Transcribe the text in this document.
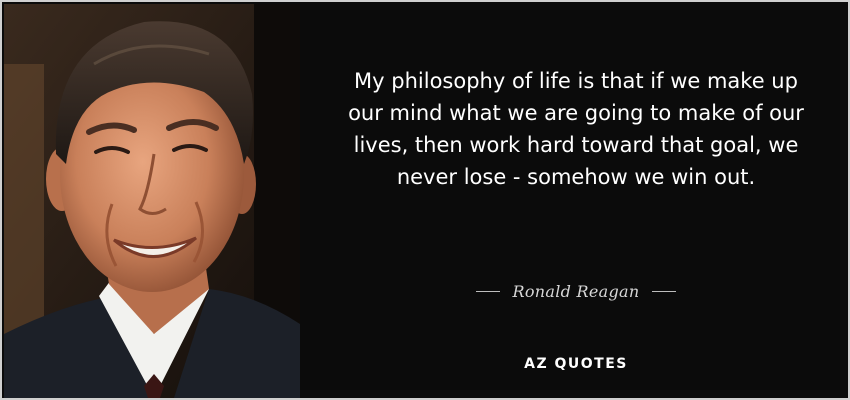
My philosophy of life is that if we make up our mind what we are going to make of our lives, then work hard toward that goal, we never lose - somehow we win out.

Ronald Reagan
AZ QUOTES
